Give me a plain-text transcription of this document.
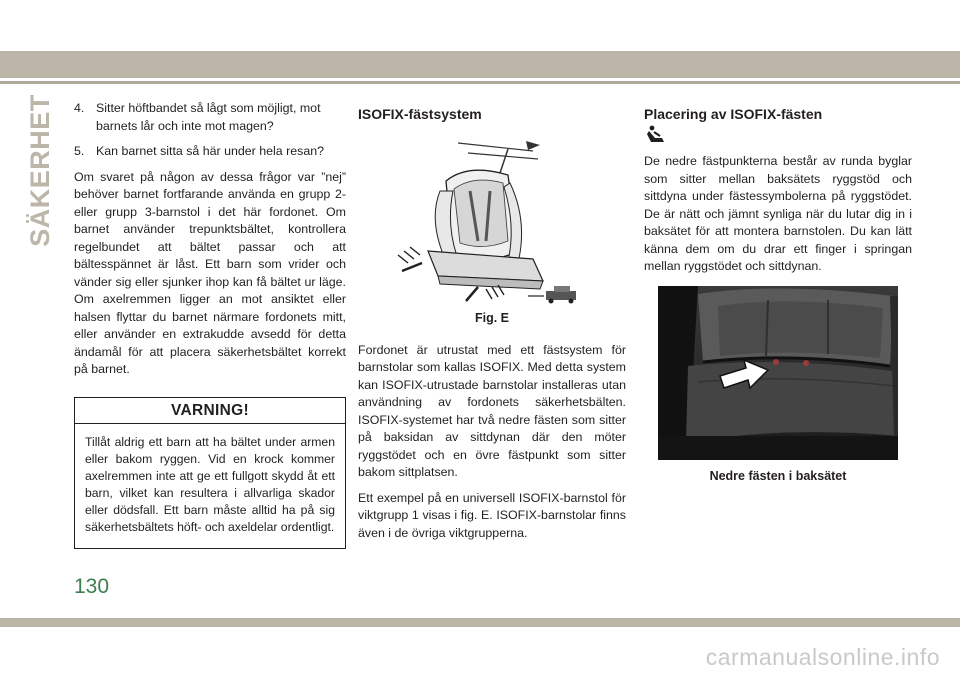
SÄKERHET 4. Sitter höftbandet så lågt som möjligt, mot barnets lår och inte mot magen?
5. Kan barnet sitta så här under hela resan?

Om svaret på någon av dessa frågor var ”nej” behöver barnet fortfarande använda en grupp 2- eller grupp 3-barnstol i det här fordonet. Om barnet använder trepunktsbältet, kontrollera regelbundet att bältet passar och att bältesspännet är låst. Ett barn som vrider och vänder sig eller sjunker ihop kan få bältet ur läge. Om axelremmen ligger an mot ansiktet eller halsen flyttar du barnet närmare fordonets mitt, eller använder en extrakudde avsedd för detta ändamål för att placera säkerhetsbältet korrekt på barnet.

VARNING!
Tillåt aldrig ett barn att ha bältet under armen eller bakom ryggen. Vid en krock kommer axelremmen inte att ge ett fullgott skydd åt ett barn, vilket kan resultera i allvarliga skador eller dödsfall. Ett barn måste alltid ha på sig säkerhetsbältets höft- och axeldelar ordentligt.
ISOFIX-fästsystem
Fig. E

Fordonet är utrustat med ett fästsystem för barnstolar som kallas ISOFIX. Med detta system kan ISOFIX-utrustade barnstolar installeras utan användning av fordonets säkerhetsbälten. ISOFIX-systemet har två nedre fästen som sitter på baksidan av sittdynan där den möter ryggstödet och en övre fästpunkt som sitter bakom sittplatsen.

Ett exempel på en universell ISOFIX-barnstol för viktgrupp 1 visas i fig. E. ISOFIX-barnstolar finns även i de övriga viktgrupperna.

Placering av ISOFIX-fästen

De nedre fästpunkterna består av runda byglar som sitter mellan baksätets ryggstöd och sittdyna under fästessymbolerna på ryggstödet. De är nätt och jämnt synliga när du lutar dig in i baksätet för att montera barnstolen. Du kan lätt känna dem om du drar ett finger i springan mellan ryggstödet och sittdynan.

Nedre fästen i baksätet
130
carmanualsonline.info
